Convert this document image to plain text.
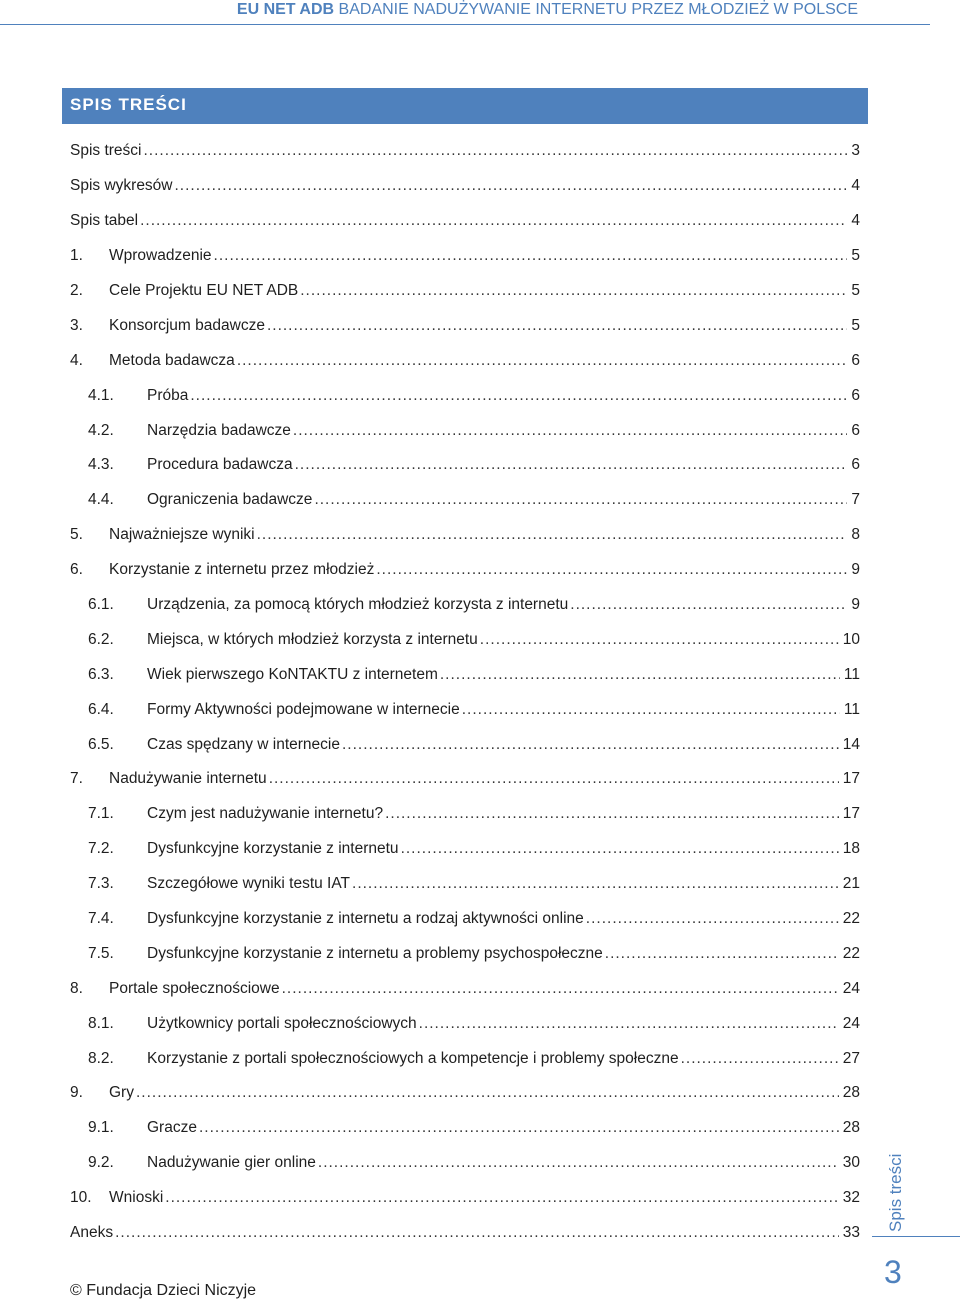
EU NET ADB BADANIE NADUŻYWANIE INTERNETU PRZEZ MŁODZIEŻ W POLSCE
SPIS TREŚCI
Spis treści .....	3
Spis wykresów .....	4
Spis tabel .....	4
1.	Wprowadzenie .....	5
2.	Cele Projektu EU NET ADB .....	5
3.	Konsorcjum badawcze .....	5
4.	Metoda badawcza .....	6
4.1.	Próba .....	6
4.2.	Narzędzia badawcze .....	6
4.3.	Procedura badawcza .....	6
4.4.	Ograniczenia badawcze .....	7
5.	Najważniejsze wyniki .....	8
6.	Korzystanie z internetu przez młodzież .....	9
6.1.	Urządzenia, za pomocą których młodzież korzysta z internetu .....	9
6.2.	Miejsca, w których młodzież korzysta z internetu .....	10
6.3.	Wiek pierwszego KoNTAKTU z internetem .....	11
6.4.	Formy Aktywności podejmowane w internecie .....	11
6.5.	Czas spędzany w internecie .....	14
7.	Nadużywanie internetu .....	17
7.1.	Czym jest nadużywanie internetu? .....	17
7.2.	Dysfunkcyjne korzystanie z internetu .....	18
7.3.	Szczegółowe wyniki testu IAT .....	21
7.4.	Dysfunkcyjne korzystanie z internetu a rodzaj aktywności online .....	22
7.5.	Dysfunkcyjne korzystanie z internetu a problemy psychospołeczne .....	22
8.	Portale społecznościowe .....	24
8.1.	Użytkownicy portali społecznościowych .....	24
8.2.	Korzystanie z portali społecznościowych a kompetencje i problemy społeczne .....	27
9.	Gry .....	28
9.1.	Gracze .....	28
9.2.	Nadużywanie gier online .....	30
10.	Wnioski .....	32
Aneks .....	33
Spis treści
3
© Fundacja Dzieci Niczyje
